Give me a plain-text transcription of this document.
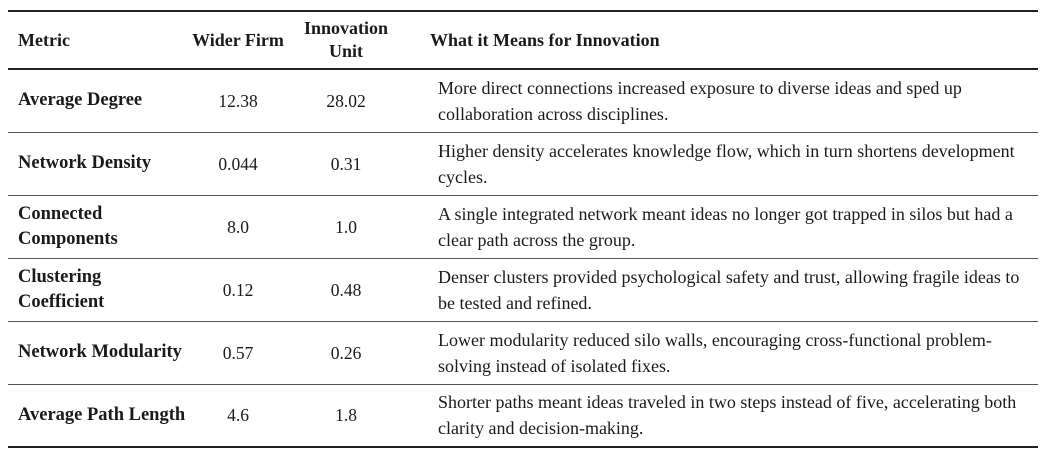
Metric	Wider Firm	Innovation Unit	What it Means for Innovation
Average Degree	12.38	28.02	More direct connections increased exposure to diverse ideas and sped up collaboration across disciplines.
Network Density	0.044	0.31	Higher density accelerates knowledge flow, which in turn shortens development cycles.
Connected Components	8.0	1.0	A single integrated network meant ideas no longer got trapped in silos but had a clear path across the group.
Clustering Coefficient	0.12	0.48	Denser clusters provided psychological safety and trust, allowing fragile ideas to be tested and refined.
Network Modularity	0.57	0.26	Lower modularity reduced silo walls, encouraging cross-functional problem-solving instead of isolated fixes.
Average Path Length	4.6	1.8	Shorter paths meant ideas traveled in two steps instead of five, accelerating both clarity and decision-making.
